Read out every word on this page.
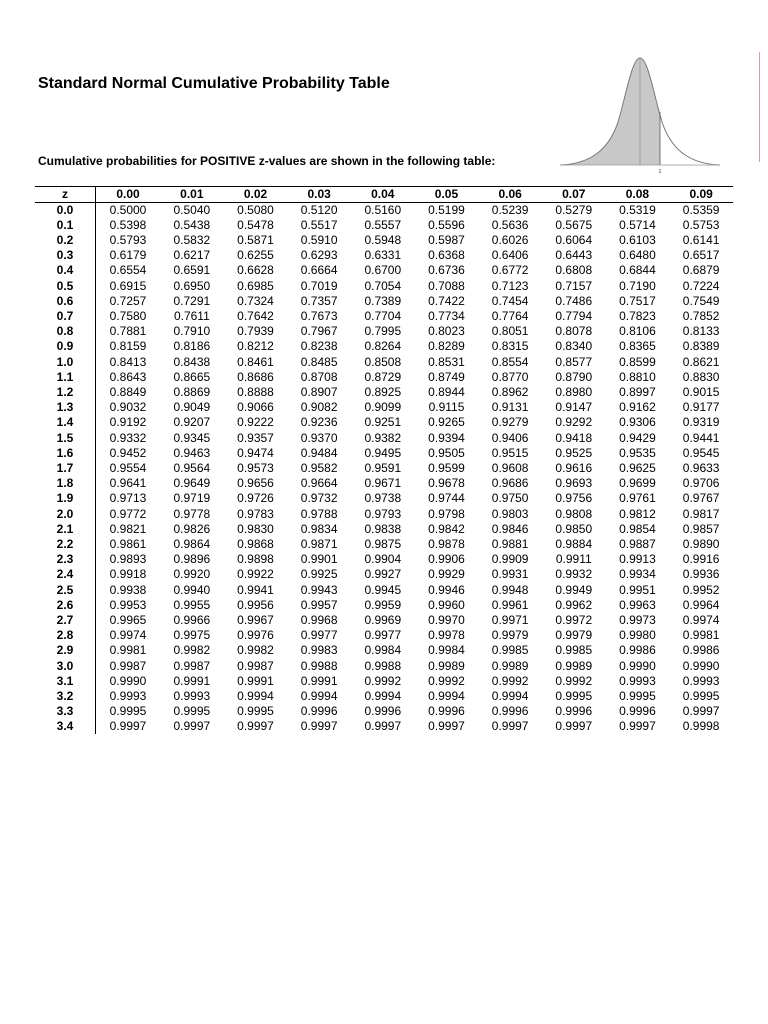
Standard Normal Cumulative Probability Table
z

Cumulative probabilities for POSITIVE z-values are shown in the following table:

z	0.00	0.01	0.02	0.03	0.04	0.05	0.06	0.07	0.08	0.09
0.0	0.5000	0.5040	0.5080	0.5120	0.5160	0.5199	0.5239	0.5279	0.5319	0.5359
0.1	0.5398	0.5438	0.5478	0.5517	0.5557	0.5596	0.5636	0.5675	0.5714	0.5753
0.2	0.5793	0.5832	0.5871	0.5910	0.5948	0.5987	0.6026	0.6064	0.6103	0.6141
0.3	0.6179	0.6217	0.6255	0.6293	0.6331	0.6368	0.6406	0.6443	0.6480	0.6517
0.4	0.6554	0.6591	0.6628	0.6664	0.6700	0.6736	0.6772	0.6808	0.6844	0.6879
0.5	0.6915	0.6950	0.6985	0.7019	0.7054	0.7088	0.7123	0.7157	0.7190	0.7224
0.6	0.7257	0.7291	0.7324	0.7357	0.7389	0.7422	0.7454	0.7486	0.7517	0.7549
0.7	0.7580	0.7611	0.7642	0.7673	0.7704	0.7734	0.7764	0.7794	0.7823	0.7852
0.8	0.7881	0.7910	0.7939	0.7967	0.7995	0.8023	0.8051	0.8078	0.8106	0.8133
0.9	0.8159	0.8186	0.8212	0.8238	0.8264	0.8289	0.8315	0.8340	0.8365	0.8389
1.0	0.8413	0.8438	0.8461	0.8485	0.8508	0.8531	0.8554	0.8577	0.8599	0.8621
1.1	0.8643	0.8665	0.8686	0.8708	0.8729	0.8749	0.8770	0.8790	0.8810	0.8830
1.2	0.8849	0.8869	0.8888	0.8907	0.8925	0.8944	0.8962	0.8980	0.8997	0.9015
1.3	0.9032	0.9049	0.9066	0.9082	0.9099	0.9115	0.9131	0.9147	0.9162	0.9177
1.4	0.9192	0.9207	0.9222	0.9236	0.9251	0.9265	0.9279	0.9292	0.9306	0.9319
1.5	0.9332	0.9345	0.9357	0.9370	0.9382	0.9394	0.9406	0.9418	0.9429	0.9441
1.6	0.9452	0.9463	0.9474	0.9484	0.9495	0.9505	0.9515	0.9525	0.9535	0.9545
1.7	0.9554	0.9564	0.9573	0.9582	0.9591	0.9599	0.9608	0.9616	0.9625	0.9633
1.8	0.9641	0.9649	0.9656	0.9664	0.9671	0.9678	0.9686	0.9693	0.9699	0.9706
1.9	0.9713	0.9719	0.9726	0.9732	0.9738	0.9744	0.9750	0.9756	0.9761	0.9767
2.0	0.9772	0.9778	0.9783	0.9788	0.9793	0.9798	0.9803	0.9808	0.9812	0.9817
2.1	0.9821	0.9826	0.9830	0.9834	0.9838	0.9842	0.9846	0.9850	0.9854	0.9857
2.2	0.9861	0.9864	0.9868	0.9871	0.9875	0.9878	0.9881	0.9884	0.9887	0.9890
2.3	0.9893	0.9896	0.9898	0.9901	0.9904	0.9906	0.9909	0.9911	0.9913	0.9916
2.4	0.9918	0.9920	0.9922	0.9925	0.9927	0.9929	0.9931	0.9932	0.9934	0.9936
2.5	0.9938	0.9940	0.9941	0.9943	0.9945	0.9946	0.9948	0.9949	0.9951	0.9952
2.6	0.9953	0.9955	0.9956	0.9957	0.9959	0.9960	0.9961	0.9962	0.9963	0.9964
2.7	0.9965	0.9966	0.9967	0.9968	0.9969	0.9970	0.9971	0.9972	0.9973	0.9974
2.8	0.9974	0.9975	0.9976	0.9977	0.9977	0.9978	0.9979	0.9979	0.9980	0.9981
2.9	0.9981	0.9982	0.9982	0.9983	0.9984	0.9984	0.9985	0.9985	0.9986	0.9986
3.0	0.9987	0.9987	0.9987	0.9988	0.9988	0.9989	0.9989	0.9989	0.9990	0.9990
3.1	0.9990	0.9991	0.9991	0.9991	0.9992	0.9992	0.9992	0.9992	0.9993	0.9993
3.2	0.9993	0.9993	0.9994	0.9994	0.9994	0.9994	0.9994	0.9995	0.9995	0.9995
3.3	0.9995	0.9995	0.9995	0.9996	0.9996	0.9996	0.9996	0.9996	0.9996	0.9997
3.4	0.9997	0.9997	0.9997	0.9997	0.9997	0.9997	0.9997	0.9997	0.9997	0.9998
